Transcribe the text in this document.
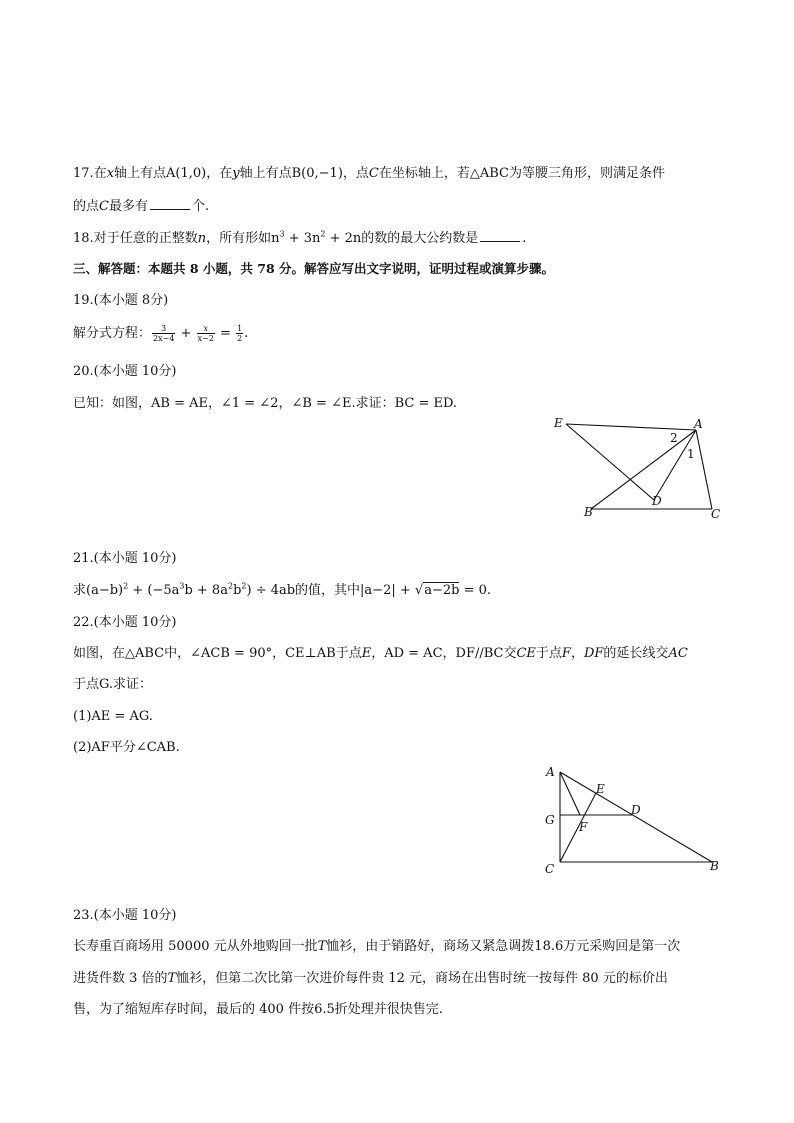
17.在x轴上有点A(1,0)，在y轴上有点B(0,−1)，点C在坐标轴上，若△ABC为等腰三角形，则满足条件
的点C最多有	个.
18.对于任意的正整数n，所有形如$n^3 + 3n^2 + 2n$的数的最大公约数是	.
三、解答题：本题共 8 小题，共 78 分。解答应写出文字说明，证明过程或演算步骤。
19.(本小题 8分)
解分式方程： $\frac{3}{2x-4} + \frac{x}{x-2} = \frac{1}{2}$ .
20.(本小题 10分)
已知：如图，AB = AE，∠1 = ∠2，∠B = ∠E.求证：BC = ED.
E	A
2
1
D
B	C
21.(本小题 10分)
求$(a-b)^2 + (-5a^3b + 8a^2b^2) \div 4ab$的值，其中|a−2| + √a−2b = 0.
22.(本小题 10分)
如图，在△ABC中，∠ACB = 90°，CE⊥AB于点E，AD = AC，DF//BC交CE于点F，DF的延长线交AC
于点G.求证：
(1)AE = AG.
(2)AF平分∠CAB.
A
E
D
G F
C	B
23.(本小题 10分)
长寿重百商场用 50000 元从外地购回一批T恤衫，由于销路好，商场又紧急调拨18.6万元采购回是第一次
进货件数 3 倍的T恤衫，但第二次比第一次进价每件贵 12 元，商场在出售时统一按每件 80 元的标价出
售，为了缩短库存时间，最后的 400 件按6.5折处理并很快售完.
